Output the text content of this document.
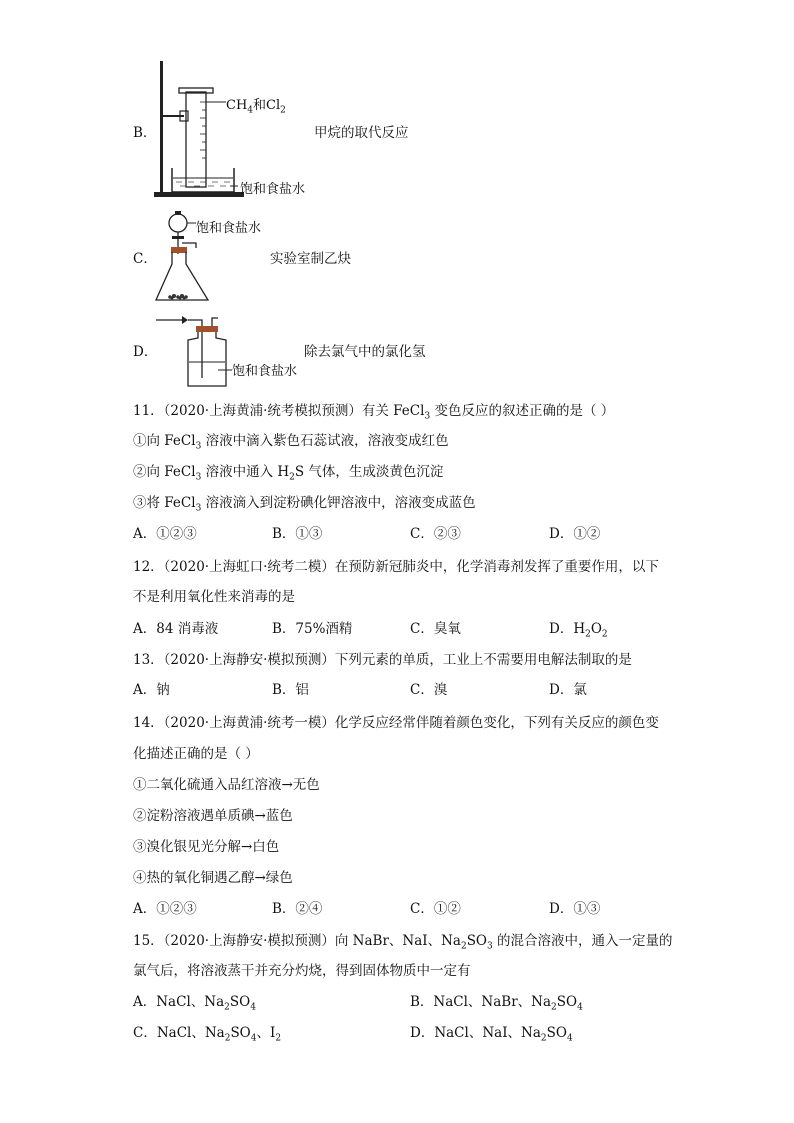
B．
$CH_4$和$Cl_2$
饱和食盐水
甲烷的取代反应
C．
饱和食盐水
实验室制乙炔
D．
饱和食盐水
除去氯气中的氯化氢
11．（2020·上海黄浦·统考模拟预测）有关 FeCl$_3$ 变色反应的叙述正确的是（ ）
①向 FeCl$_3$ 溶液中滴入紫色石蕊试液，溶液变成红色
②向 FeCl$_3$ 溶液中通入 $H_2S$ 气体，生成淡黄色沉淀
③将 FeCl$_3$ 溶液滴入到淀粉碘化钾溶液中，溶液变成蓝色
A．①②③	B．①③	C．②③	D．①②
12．（2020·上海虹口·统考二模）在预防新冠肺炎中，化学消毒剂发挥了重要作用，以下
不是利用氧化性来消毒的是
A．84 消毒液	B．75%酒精	C．臭氧	D．$H_2O_2$
13．（2020·上海静安·模拟预测）下列元素的单质，工业上不需要用电解法制取的是
A．钠	B．铝	C．溴	D．氯
14．（2020·上海黄浦·统考一模）化学反应经常伴随着颜色变化，下列有关反应的颜色变
化描述正确的是（ ）
①二氧化硫通入品红溶液→无色
②淀粉溶液遇单质碘→蓝色
③溴化银见光分解→白色
④热的氧化铜遇乙醇→绿色
A．①②③	B．②④	C．①②	D．①③
15．（2020·上海静安·模拟预测）向 NaBr、NaI、$Na_2SO_3$ 的混合溶液中，通入一定量的
氯气后，将溶液蒸干并充分灼烧，得到固体物质中一定有
A．NaCl、$Na_2SO_4$	B．NaCl、NaBr、$Na_2SO_4$
C．NaCl、$Na_2SO_4$、$I_2$	D．NaCl、NaI、$Na_2SO_4$
